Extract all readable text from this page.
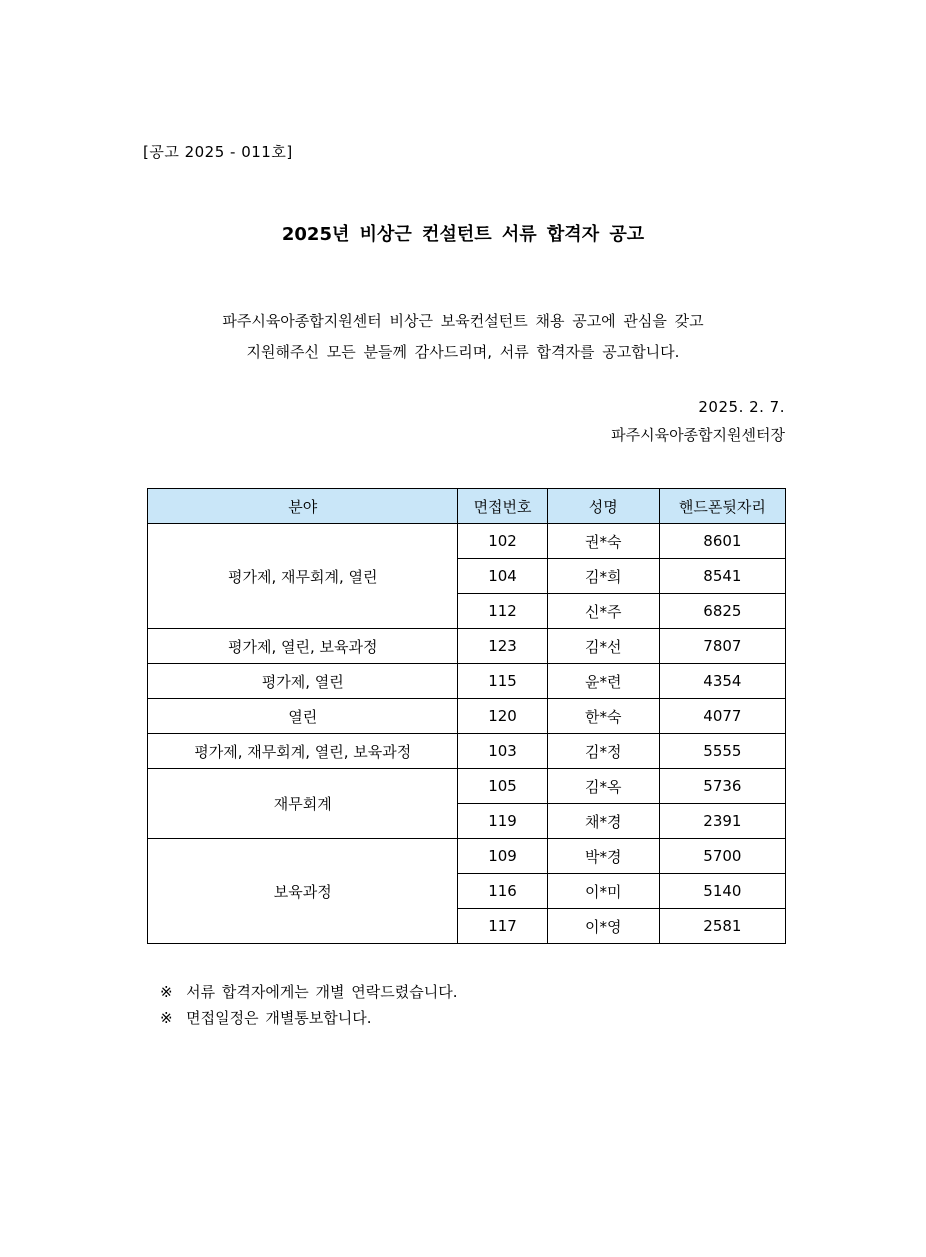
[공고 2025 - 011호]
2025년 비상근 컨설턴트 서류 합격자 공고
파주시육아종합지원센터 비상근 보육컨설턴트 채용 공고에 관심을 갖고
지원해주신 모든 분들께 감사드리며, 서류 합격자를 공고합니다.
2025. 2. 7.
파주시육아종합지원센터장
분야	면접번호	성명	핸드폰뒷자리
평가제, 재무회계, 열린	102	권*숙	8601
	104	김*희	8541
	112	신*주	6825
평가제, 열린, 보육과정	123	김*선	7807
평가제, 열린	115	윤*련	4354
열린	120	한*숙	4077
평가제, 재무회계, 열린, 보육과정	103	김*정	5555
재무회계	105	김*옥	5736
	119	채*경	2391
보육과정	109	박*경	5700
	116	이*미	5140
	117	이*영	2581
※  서류 합격자에게는 개별 연락드렸습니다.
※  면접일정은 개별통보합니다.
